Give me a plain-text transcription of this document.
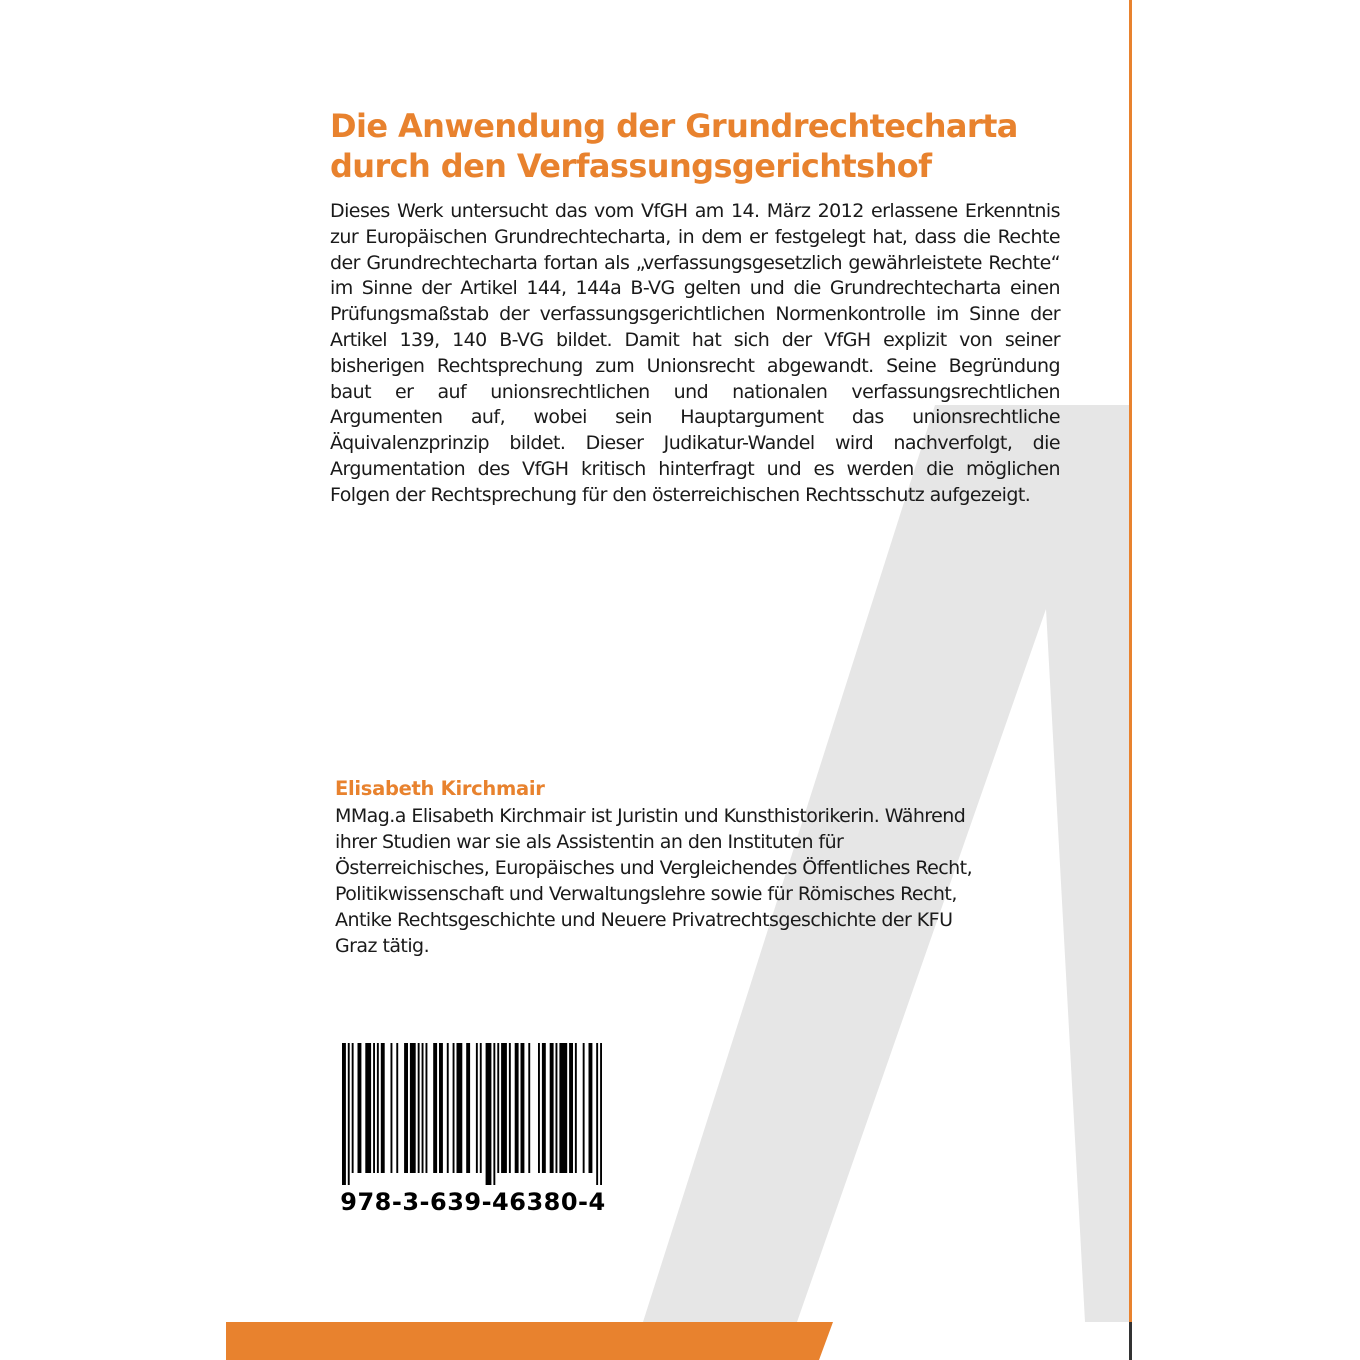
Die Anwendung der Grundrechtecharta
durch den Verfassungsgerichtshof

Dieses Werk untersucht das vom VfGH am 14. März 2012 erlassene Erkenntnis zur Europäischen Grundrechtecharta, in dem er festgelegt hat, dass die Rechte der Grundrechtecharta fortan als „verfassungsgesetzlich gewährleistete Rechte“ im Sinne der Artikel 144, 144a B-VG gelten und die Grundrechtecharta einen Prüfungsmaßstab der verfassungsgerichtlichen Normenkontrolle im Sinne der Artikel 139, 140 B-VG bildet. Damit hat sich der VfGH explizit von seiner bisherigen Rechtsprechung zum Unionsrecht abgewandt. Seine Begründung baut er auf unionsrechtlichen und nationalen verfassungsrechtlichen Argumenten auf, wobei sein Hauptargument das unionsrechtliche Äquivalenzprinzip bildet. Dieser Judikatur-Wandel wird nachverfolgt, die Argumentation des VfGH kritisch hinterfragt und es werden die möglichen Folgen der Rechtsprechung für den österreichischen Rechtsschutz aufgezeigt.

Elisabeth Kirchmair

MMag.a Elisabeth Kirchmair ist Juristin und Kunsthistorikerin. Während
ihrer Studien war sie als Assistentin an den Instituten für
Österreichisches, Europäisches und Vergleichendes Öffentliches Recht,
Politikwissenschaft und Verwaltungslehre sowie für Römisches Recht,
Antike Rechtsgeschichte und Neuere Privatrechtsgeschichte der KFU
Graz tätig.

978-3-639-46380-4
